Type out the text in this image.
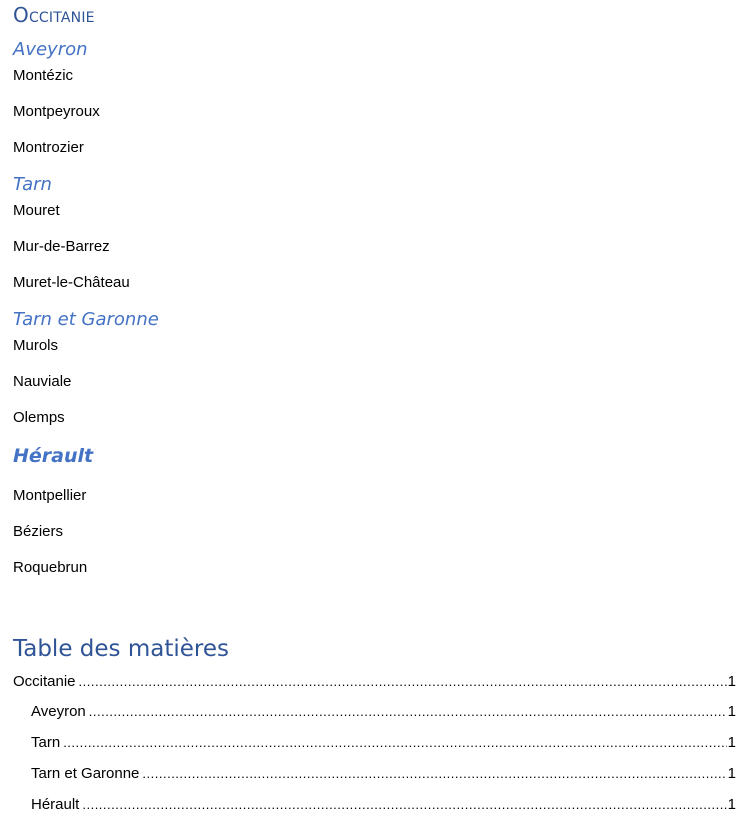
Occitanie
Aveyron
Montézic
Montpeyroux
Montrozier
Tarn
Mouret
Mur-de-Barrez
Muret-le-Château
Tarn et Garonne
Murols
Nauviale
Olemps
Hérault
Montpellier
Béziers
Roquebrun
Table des matières
Occitanie .....	1
Aveyron .....	1
Tarn .....	1
Tarn et Garonne .....	1
Hérault .....	1
